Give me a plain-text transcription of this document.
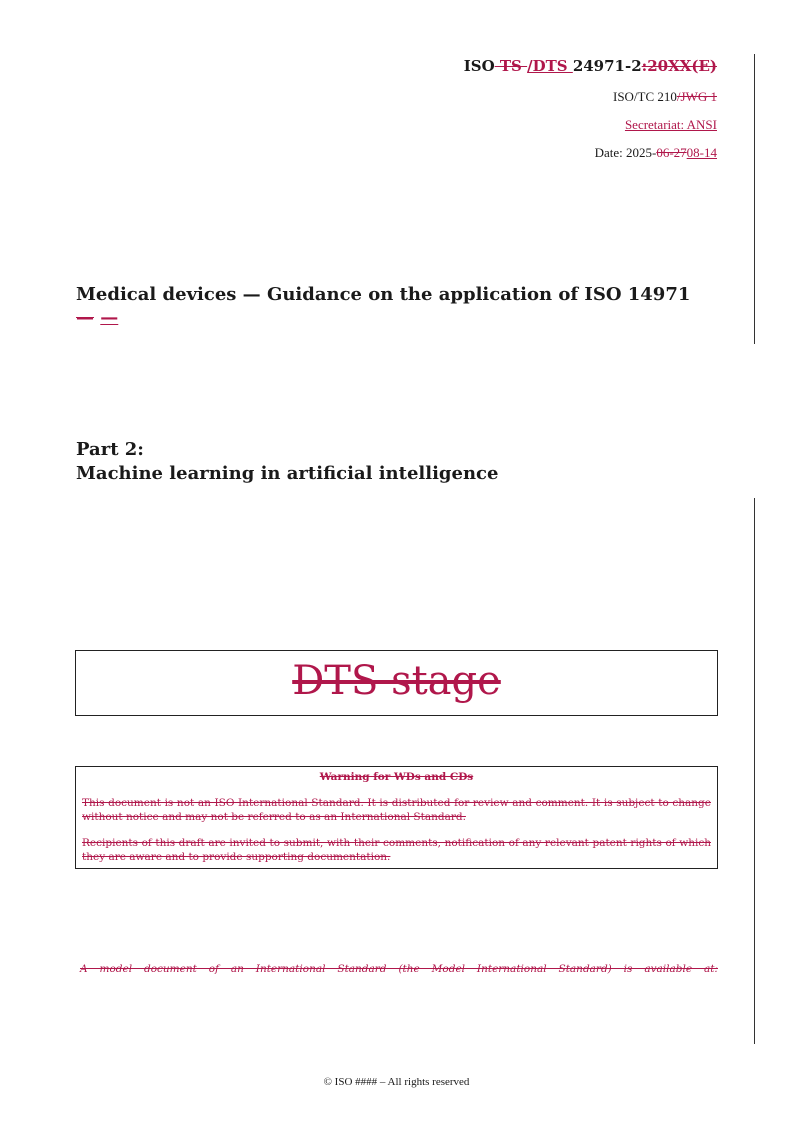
ISO TS /DTS 24971-2:20XX(E)
ISO/TC 210/JWG 1
Secretariat: ANSI
Date: 2025-06-2708-14
Medical devices — Guidance on the application of ISO 14971
— —
Part 2:
Machine learning in artificial intelligence
DTS stage
Warning for WDs and CDs

This document is not an ISO International Standard. It is distributed for review and comment. It is subject to change without notice and may not be referred to as an International Standard.

Recipients of this draft are invited to submit, with their comments, notification of any relevant patent rights of which they are aware and to provide supporting documentation.

A model document of an International Standard (the Model International Standard) is available at:
© ISO #### – All rights reserved
